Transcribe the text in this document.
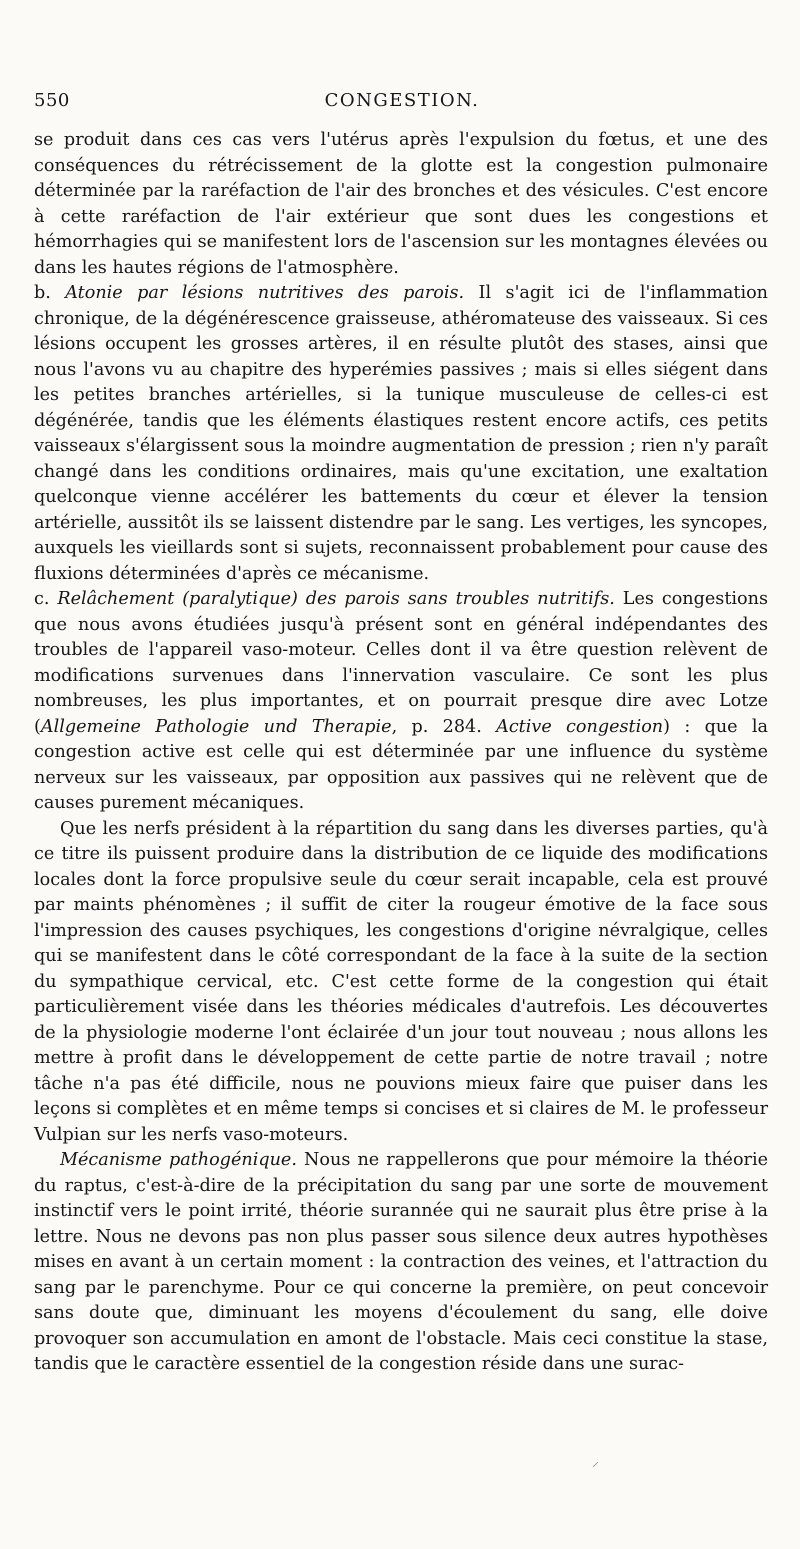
550	CONGESTION.

se produit dans ces cas vers l'utérus après l'expulsion du fœtus, et une des conséquences du rétrécissement de la glotte est la congestion pulmonaire déterminée par la raréfaction de l'air des bronches et des vésicules. C'est encore à cette raréfaction de l'air extérieur que sont dues les congestions et hémorrhagies qui se manifestent lors de l'ascension sur les montagnes élevées ou dans les hautes régions de l'atmosphère.

b. Atonie par lésions nutritives des parois. Il s'agit ici de l'inflammation chronique, de la dégénérescence graisseuse, athéromateuse des vaisseaux. Si ces lésions occupent les grosses artères, il en résulte plutôt des stases, ainsi que nous l'avons vu au chapitre des hyperémies passives ; mais si elles siégent dans les petites branches artérielles, si la tunique musculeuse de celles-ci est dégénérée, tandis que les éléments élastiques restent encore actifs, ces petits vaisseaux s'élargissent sous la moindre augmentation de pression ; rien n'y paraît changé dans les conditions ordinaires, mais qu'une excitation, une exaltation quelconque vienne accélérer les battements du cœur et élever la tension artérielle, aussitôt ils se laissent distendre par le sang. Les vertiges, les syncopes, auxquels les vieillards sont si sujets, reconnaissent probablement pour cause des fluxions déterminées d'après ce mécanisme.

c. Relâchement (paralytique) des parois sans troubles nutritifs. Les congestions que nous avons étudiées jusqu'à présent sont en général indépendantes des troubles de l'appareil vaso-moteur. Celles dont il va être question relèvent de modifications survenues dans l'innervation vasculaire. Ce sont les plus nombreuses, les plus importantes, et on pourrait presque dire avec Lotze (Allgemeine Pathologie und Therapie, p. 284. Active congestion) : que la congestion active est celle qui est déterminée par une influence du système nerveux sur les vaisseaux, par opposition aux passives qui ne relèvent que de causes purement mécaniques.

Que les nerfs président à la répartition du sang dans les diverses parties, qu'à ce titre ils puissent produire dans la distribution de ce liquide des modifications locales dont la force propulsive seule du cœur serait incapable, cela est prouvé par maints phénomènes ; il suffit de citer la rougeur émotive de la face sous l'impression des causes psychiques, les congestions d'origine névralgique, celles qui se manifestent dans le côté correspondant de la face à la suite de la section du sympathique cervical, etc. C'est cette forme de la congestion qui était particulièrement visée dans les théories médicales d'autrefois. Les découvertes de la physiologie moderne l'ont éclairée d'un jour tout nouveau ; nous allons les mettre à profit dans le développement de cette partie de notre travail ; notre tâche n'a pas été difficile, nous ne pouvions mieux faire que puiser dans les leçons si complètes et en même temps si concises et si claires de M. le professeur Vulpian sur les nerfs vaso-moteurs.

Mécanisme pathogénique. Nous ne rappellerons que pour mémoire la théorie du raptus, c'est-à-dire de la précipitation du sang par une sorte de mouvement instinctif vers le point irrité, théorie surannée qui ne saurait plus être prise à la lettre. Nous ne devons pas non plus passer sous silence deux autres hypothèses mises en avant à un certain moment : la contraction des veines, et l'attraction du sang par le parenchyme. Pour ce qui concerne la première, on peut concevoir sans doute que, diminuant les moyens d'écoulement du sang, elle doive provoquer son accumulation en amont de l'obstacle. Mais ceci constitue la stase, tandis que le caractère essentiel de la congestion réside dans une surac-

⸝
